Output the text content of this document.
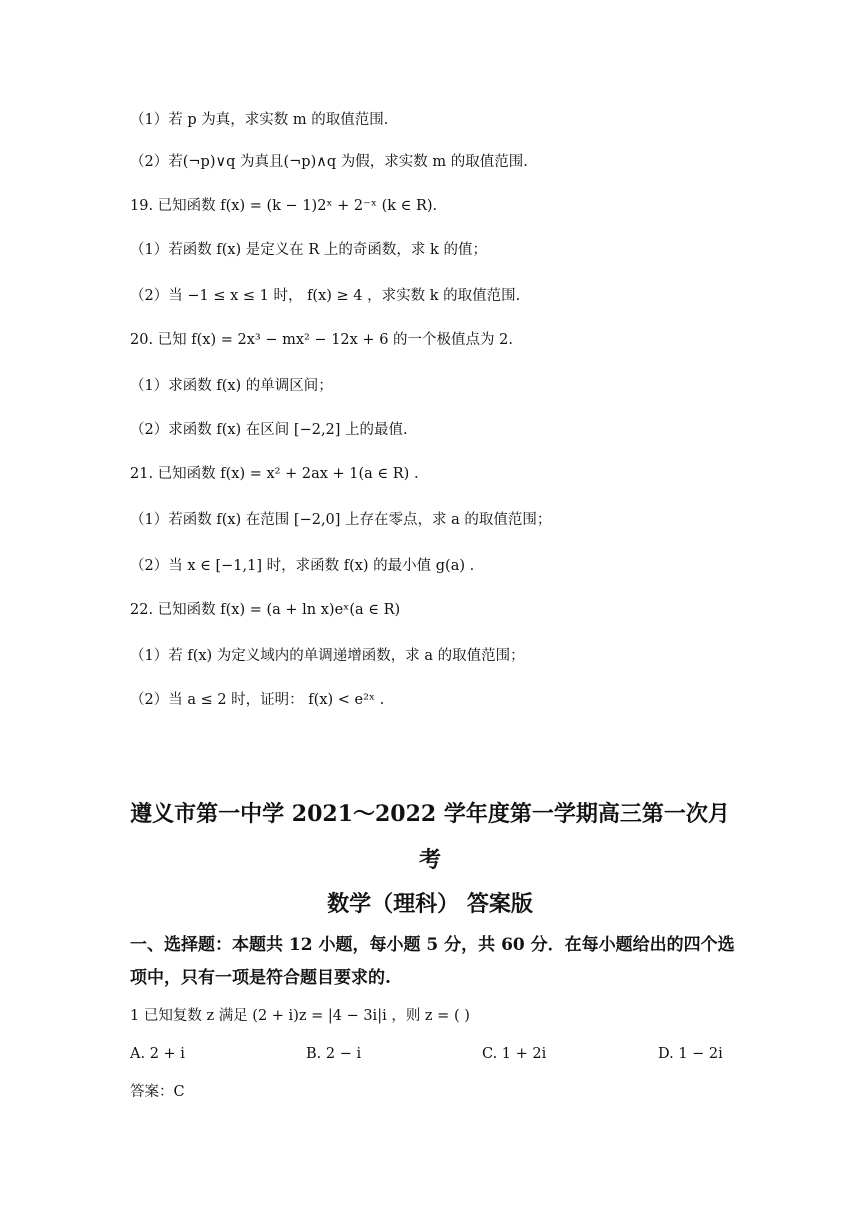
（1）若 p 为真，求实数 m 的取值范围.
（2）若(¬p)∨q 为真且(¬p)∧q 为假，求实数 m 的取值范围.
19. 已知函数 f(x) = (k − 1)2ˣ + 2⁻ˣ (k ∈ R).
（1）若函数 f(x) 是定义在 R 上的奇函数，求 k 的值；
（2）当 −1 ≤ x ≤ 1 时， f(x) ≥ 4 ，求实数 k 的取值范围.
20. 已知 f(x) = 2x³ − mx² − 12x + 6 的一个极值点为 2.
（1）求函数 f(x) 的单调区间；
（2）求函数 f(x) 在区间 [−2,2] 上的最值.
21. 已知函数 f(x) = x² + 2ax + 1(a ∈ R) .
（1）若函数 f(x) 在范围 [−2,0] 上存在零点，求 a 的取值范围；
（2）当 x ∈ [−1,1] 时，求函数 f(x) 的最小值 g(a) .
22. 已知函数 f(x) = (a + ln x)eˣ(a ∈ R)
（1）若 f(x) 为定义域内的单调递增函数，求 a 的取值范围；
（2）当 a ≤ 2 时，证明： f(x) < e²ˣ .
遵义市第一中学 2021～2022 学年度第一学期高三第一次月
考
数学（理科） 答案版
一、选择题：本题共 12 小题，每小题 5 分，共 60 分．在每小题给出的四个选
项中，只有一项是符合题目要求的.
1 已知复数 z 满足 (2 + i)z = |4 − 3i|i ，则 z = ( )
A. 2 + i	B. 2 − i	C. 1 + 2i	D. 1 − 2i
答案：C
